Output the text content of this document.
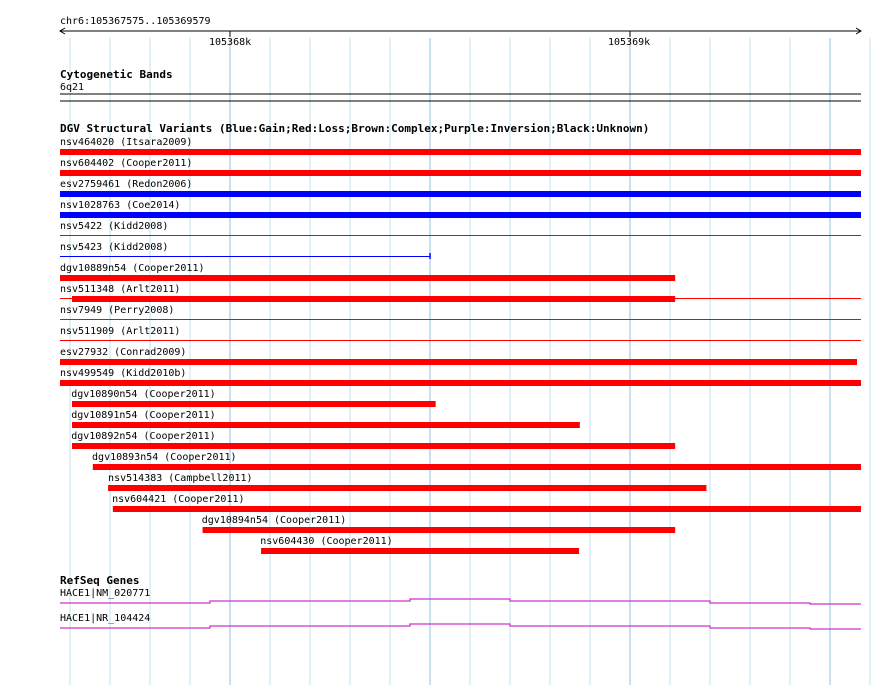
chr6:105367575..105369579
105368k	105369k
Cytogenetic Bands
6q21
DGV Structural Variants (Blue:Gain;Red:Loss;Brown:Complex;Purple:Inversion;Black:Unknown)
nsv464020 (Itsara2009)
nsv604402 (Cooper2011)
esv2759461 (Redon2006)
nsv1028763 (Coe2014)
nsv5422 (Kidd2008)
nsv5423 (Kidd2008)
dgv10889n54 (Cooper2011)
nsv511348 (Arlt2011)
nsv7949 (Perry2008)
nsv511909 (Arlt2011)
esv27932 (Conrad2009)
nsv499549 (Kidd2010b)
dgv10890n54 (Cooper2011)
dgv10891n54 (Cooper2011)
dgv10892n54 (Cooper2011)
dgv10893n54 (Cooper2011)
nsv514383 (Campbell2011)
nsv604421 (Cooper2011)
dgv10894n54 (Cooper2011)
nsv604430 (Cooper2011)
RefSeq Genes
HACE1|NM_020771
HACE1|NR_104424
